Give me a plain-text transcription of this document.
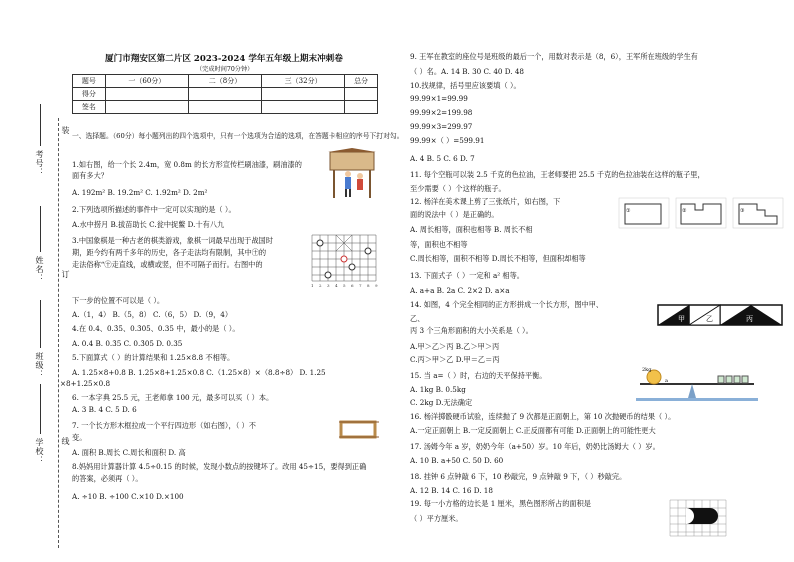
装
订
线
考号：
姓名：
班级：
学校：
厦门市翔安区第二片区 2023-2024 学年五年级上期末冲刺卷
（完成时间70分钟）
题号	一（60分）	二（8分）	三（32分）	总分
得分				
签名				
一、选择题。（60分）每小题列出的四个选项中，只有一个选项为合适的选项，在答题卡相应的序号下打对勾。
1.如右图，给一个长 2.4m，宽 0.8m 的长方形宣传栏刷油漆，刷油漆的
面有多大？
A. 192m² B. 19.2m² C. 1.92m² D. 2m²
2.下列选项所描述的事件中一定可以实现的是（ ）。
A.水中捞月 B.拔苗助长 C.瓮中捉鳖 D.十有八九
3.中国象棋是一种古老的棋类游戏，象棋一词最早出现于战国时
期，距今约有两千多年的历史，各子走法均有限制，其中㊉的
走法俗称“㊉走直线，或横或竖，但不可隔子而行。右图中的
下一步的位置不可以是（ ）。
A.（1，4） B.（5，8） C.（6，5） D.（9，4）
4.在 0.4、0.3̇5、0.3̇05、0.35 中，最小的是（ ）。
A. 0.4 B. 0.3̇5 C. 0.3̇05 D. 0.35
5.下面算式（ ）的计算结果和 1.25×8.8 不相等。
A. 1.25×8+0.8 B. 1.25×8+1.25×0.8 C.（1.25×8）×（8.8÷8） D. 1.25
×8+1.25×0.8
6. 一本字典 25.5 元，王老师拿 100 元，最多可以买（ ）本。
A. 3 B. 4 C. 5 D. 6
7. 一个长方形木框拉成一个平行四边形（如右图），（ ）不
变。
A. 面积 B.周长 C.周长和面积 D. 高
8.妈妈用计算器计算 4.5÷0.15 的时候，发现小数点的按键坏了。改用 45÷15，要得到正确
的答案，必须再（ ）。
A. ÷10 B. ÷100 C.×10 D.×100
9. 王军在教室的座位号是班级的最后一个，用数对表示是（8，6），王军所在班级的学生有
（ ）名。A. 14 B. 30 C. 40 D. 48
10.找规律，括号里应该要填（ ）。
99.99×1=99.99
99.99×2=199.98
99.99×3=299.97
99.99×（ ）=599.91
A. 4 B. 5 C. 6 D. 7
11. 每个空瓶可以装 2.5 千克的色拉油，王老师要把 25.5 千克的色拉油装在这样的瓶子里，
至少需要（ ）个这样的瓶子。
12. 杨洋在美术课上剪了三张纸片，如右图，下
面的说法中（ ）是正确的。
A. 周长相等，面积也相等 B. 周长不相
等，面积也不相等
C.周长相等，面积不相等 D.周长不相等，但面积却相等
13. 下面式子（ ）一定和 a² 相等。
A. a+a B. 2a C. 2×2 D. a×a
14. 如图，4 个完全相同的正方形拼成一个长方形，图中甲、
乙、
丙 3 个三角形面积的大小关系是（ ）。
A.甲＞乙＞丙 B.乙＞甲＞丙
C.丙＞甲＞乙 D.甲＝乙＝丙
15. 当 a=（ ）时，右边的天平保持平衡。
A. 1kg B. 0.5kg
C. 2kg D.无法确定
16. 杨洋掷骰硬币试验，连续抛了 9 次都是正面朝上，第 10 次抛硬币的结果（ ）。
A.一定正面朝上 B.一定反面朝上 C.正反面都有可能 D.正面朝上的可能性更大
17. 汤姆今年 a 岁，奶奶今年（a+50）岁。10 年后，奶奶比汤姆大（ ）岁。
A. 10 B. a+50 C. 50 D. 60
18. 挂钟 6 点钟敲 6 下，10 秒敲完，9 点钟敲 9 下，（ ）秒敲完。
A. 12 B. 14 C. 16 D. 18
19. 每一小方格的边长是 1 厘米，黑色图形所占的面积是
（ ）平方厘米。
1 2 3 4 5 6 7 8 9
①	②	③
甲	乙	丙
2kg
a
